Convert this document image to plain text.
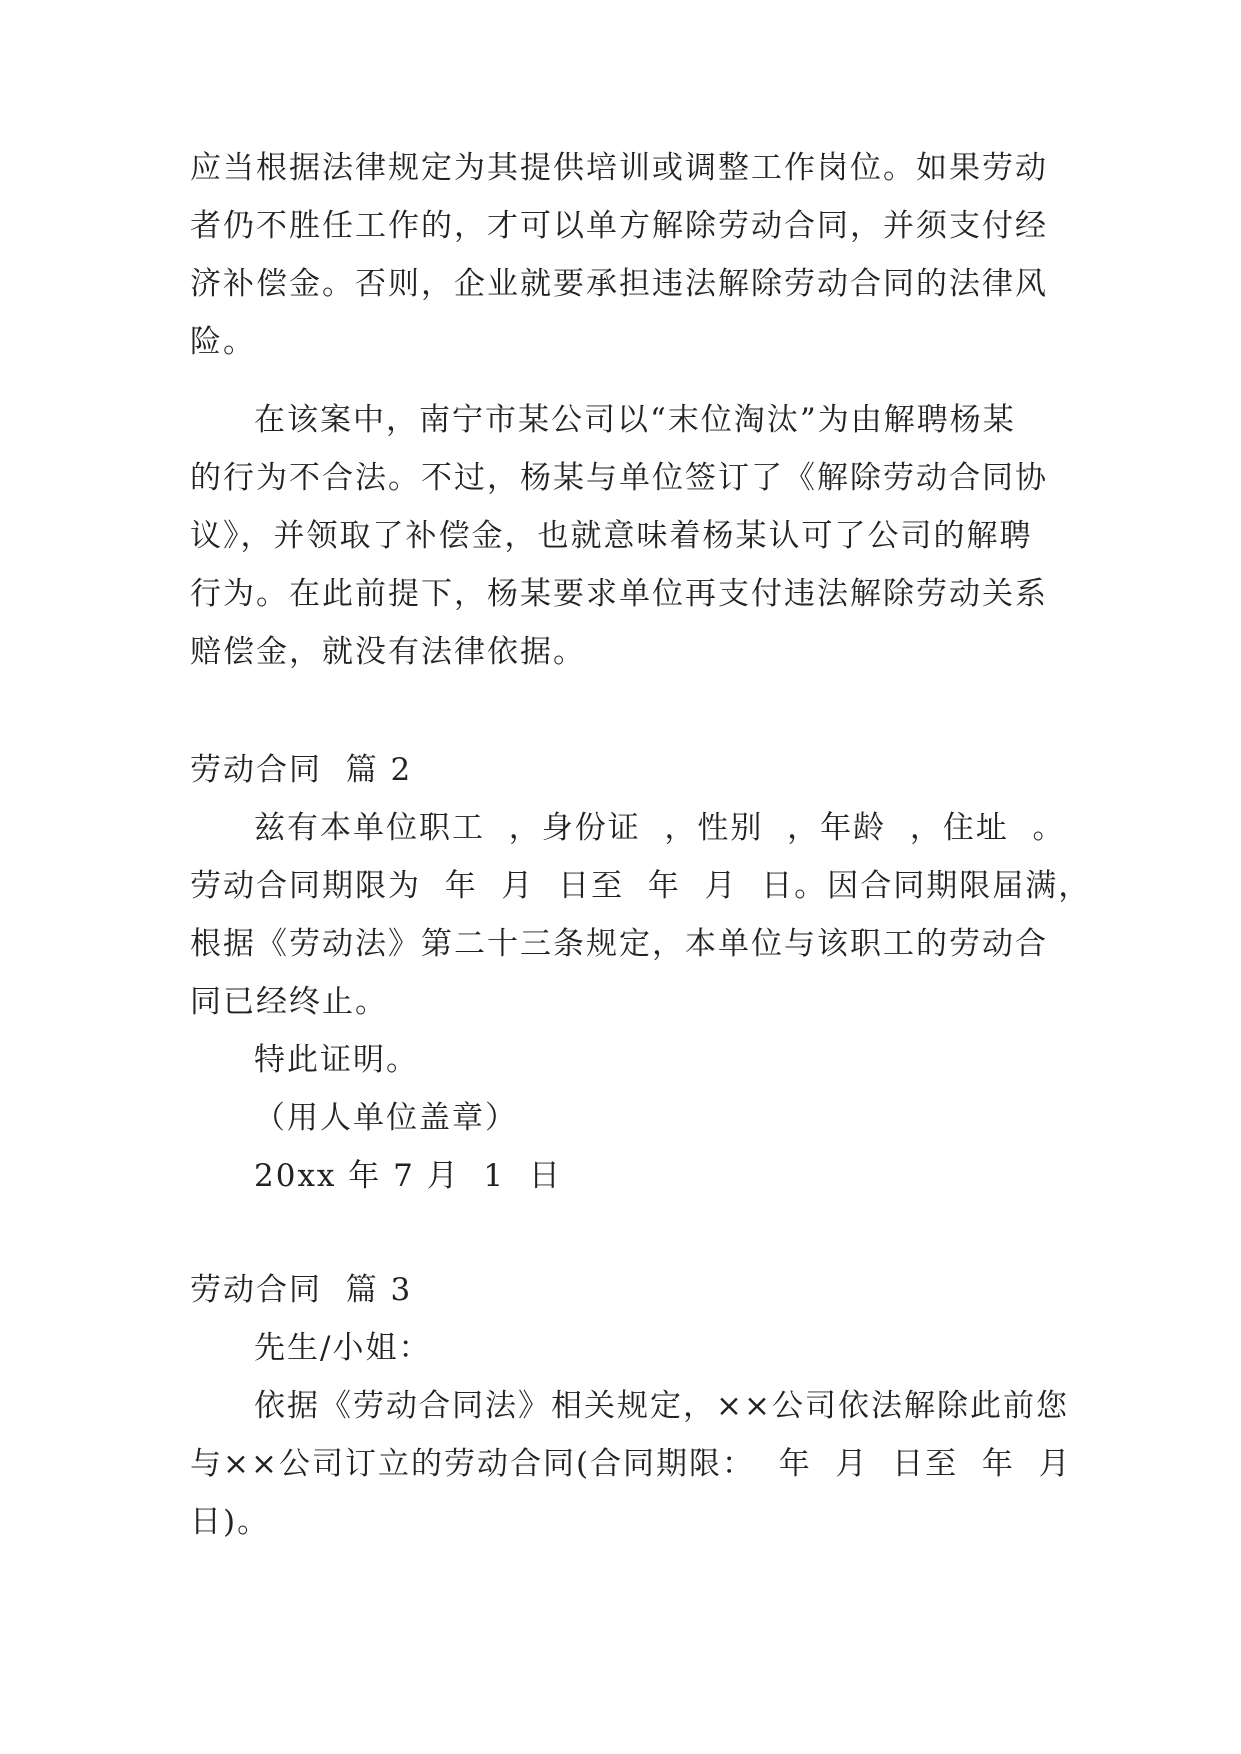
应当根据法律规定为其提供培训或调整工作岗位。如果劳动
者仍不胜任工作的，才可以单方解除劳动合同，并须支付经
济补偿金。否则，企业就要承担违法解除劳动合同的法律风
险。
在该案中，南宁市某公司以“末位淘汰”为由解聘杨某
的行为不合法。不过，杨某与单位签订了《解除劳动合同协
议》，并领取了补偿金，也就意味着杨某认可了公司的解聘
行为。在此前提下，杨某要求单位再支付违法解除劳动关系
赔偿金，就没有法律依据。
劳动合同  篇 2
兹有本单位职工  ，身份证  ，性别  ，年龄  ，住址  。
劳动合同期限为  年  月  日至  年  月  日。因合同期限届满，
根据《劳动法》第二十三条规定，本单位与该职工的劳动合
同已经终止。
特此证明。
（用人单位盖章）
20xx 年 7 月  1  日
劳动合同  篇 3
先生/小姐：
依据《劳动合同法》相关规定，××公司依法解除此前您
与××公司订立的劳动合同(合同期限：  年  月  日至  年  月
日)。
